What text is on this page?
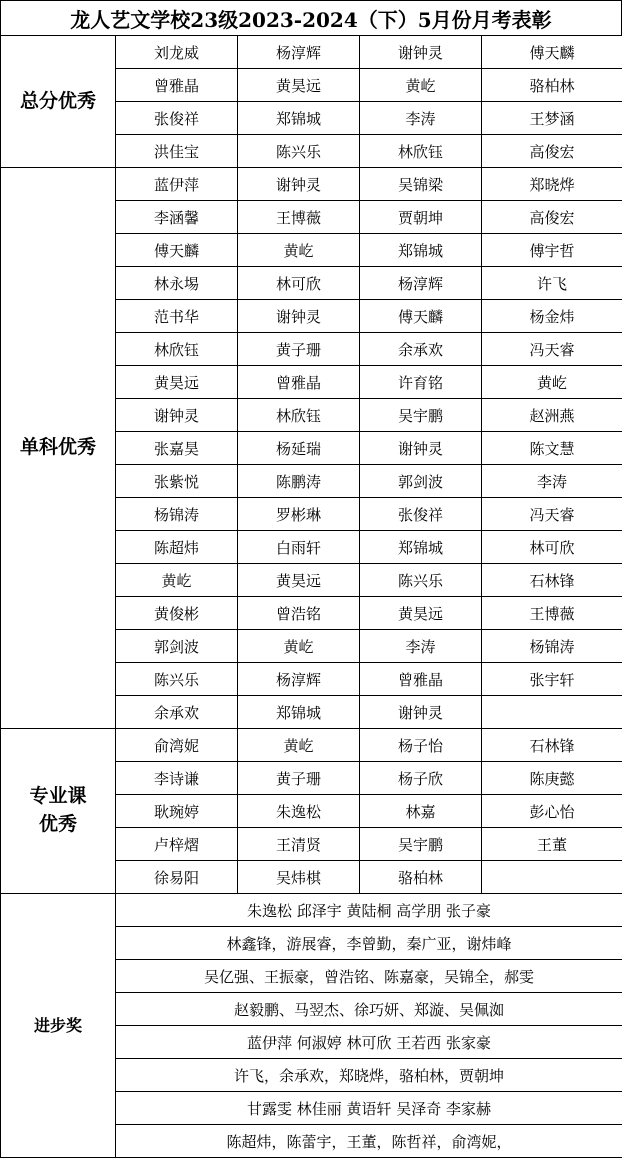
龙人艺文学校23级2023-2024（下）5月份月考表彰
总分优秀	刘龙威	杨淳辉	谢钟灵	傅天麟
	曾雅晶	黄昊远	黄屹	骆柏林
	张俊祥	郑锦城	李涛	王梦涵
	洪佳宝	陈兴乐	林欣钰	高俊宏
单科优秀	蓝伊萍	谢钟灵	吴锦梁	郑晓烨
	李涵馨	王博薇	贾朝坤	高俊宏
	傅天麟	黄屹	郑锦城	傅宇哲
	林永埸	林可欣	杨淳辉	许飞
	范书华	谢钟灵	傅天麟	杨金炜
	林欣钰	黄子珊	余承欢	冯天睿
	黄昊远	曾雅晶	许育铭	黄屹
	谢钟灵	林欣钰	吴宇鹏	赵洲燕
	张嘉昊	杨延瑞	谢钟灵	陈文慧
	张紫悦	陈鹏涛	郭剑波	李涛
	杨锦涛	罗彬琳	张俊祥	冯天睿
	陈超炜	白雨轩	郑锦城	林可欣
	黄屹	黄昊远	陈兴乐	石林锋
	黄俊彬	曾浩铭	黄昊远	王博薇
	郭剑波	黄屹	李涛	杨锦涛
	陈兴乐	杨淳辉	曾雅晶	张宇轩
	余承欢	郑锦城	谢钟灵	

专业课
优秀	俞湾妮	黄屹	杨子怡	石林锋
	李诗谦	黄子珊	杨子欣	陈庚懿
	耿琬婷	朱逸松	林嘉	彭心怡
	卢梓熠	王清贤	吴宇鹏	王董
	徐易阳	吴炜棋	骆柏林	
进步奖	朱逸松 邱泽宇 黄陆桐 高学朋 张子豪			
	林鑫锋，游展睿，李曾勤，秦广亚，谢炜峰			
	吴亿强、王振豪，曾浩铭、陈嘉豪，吴锦全，郝雯			
	赵毅鹏、马翌杰、徐巧妍、郑漩、吴佩洳			
	蓝伊萍 何淑婷 林可欣 王若西 张家豪			
	许飞，余承欢，郑晓烨，骆柏林，贾朝坤			
	甘露雯 林佳丽 黄语轩 吴泽奇 李家赫			
	陈超炜，陈蕾宇，王董，陈哲祥，俞湾妮，			
